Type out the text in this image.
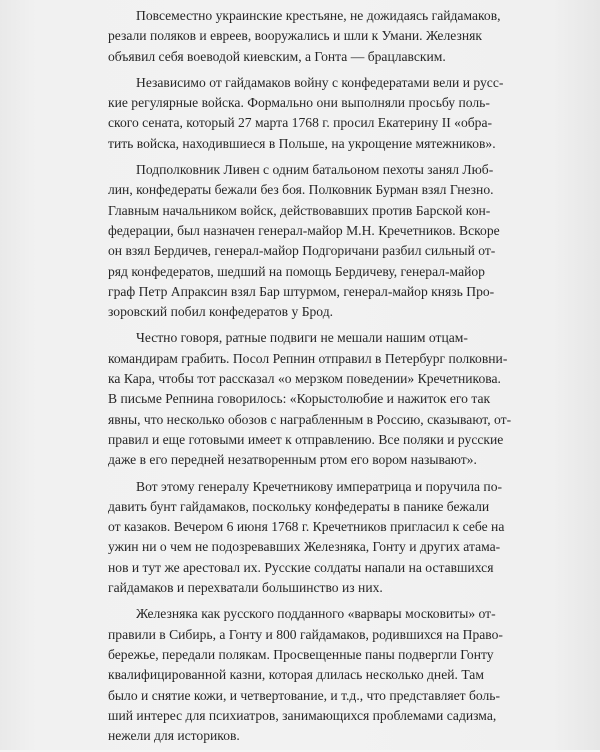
Повсеместно украинские крестьяне, не дожидаясь гайдамаков,
резали поляков и евреев, вооружались и шли к Умани. Железняк
объявил себя воеводой киевским, а Гонта — брацлавским.

Независимо от гайдамаков войну с конфедератами вели и русс-
кие регулярные войска. Формально они выполняли просьбу поль-
ского сената, который 27 марта 1768 г. просил Екатерину II «обра-
тить войска, находившиеся в Польше, на укрощение мятежников».

Подполковник Ливен с одним батальоном пехоты занял Люб-
лин, конфедераты бежали без боя. Полковник Бурман взял Гнезно.
Главным начальником войск, действовавших против Барской кон-
федерации, был назначен генерал-майор М.Н. Кречетников. Вскоре
он взял Бердичев, генерал-майор Подгоричани разбил сильный от-
ряд конфедератов, шедший на помощь Бердичеву, генерал-майор
граф Петр Апраксин взял Бар штурмом, генерал-майор князь Про-
зоровский побил конфедератов у Брод.

Честно говоря, ратные подвиги не мешали нашим отцам-
командирам грабить. Посол Репнин отправил в Петербург полковни-
ка Кара, чтобы тот рассказал «о мерзком поведении» Кречетникова.
В письме Репнина говорилось: «Корыстолюбие и нажиток его так
явны, что несколько обозов с награбленным в Россию, сказывают, от-
правил и еще готовыми имеет к отправлению. Все поляки и русские
даже в его передней незатворенным ртом его вором называют».

Вот этому генералу Кречетникову императрица и поручила по-
давить бунт гайдамаков, поскольку конфедераты в панике бежали
от казаков. Вечером 6 июня 1768 г. Кречетников пригласил к себе на
ужин ни о чем не подозревавших Железняка, Гонту и других атама-
нов и тут же арестовал их. Русские солдаты напали на оставшихся
гайдамаков и перехватали большинство из них.

Железняка как русского подданного «варвары московиты» от-
правили в Сибирь, а Гонту и 800 гайдамаков, родившихся на Право-
бережье, передали полякам. Просвещенные паны подвергли Гонту
квалифицированной казни, которая длилась несколько дней. Там
было и снятие кожи, и четвертование, и т.д., что представляет боль-
ший интерес для психиатров, занимающихся проблемами садизма,
нежели для историков.
